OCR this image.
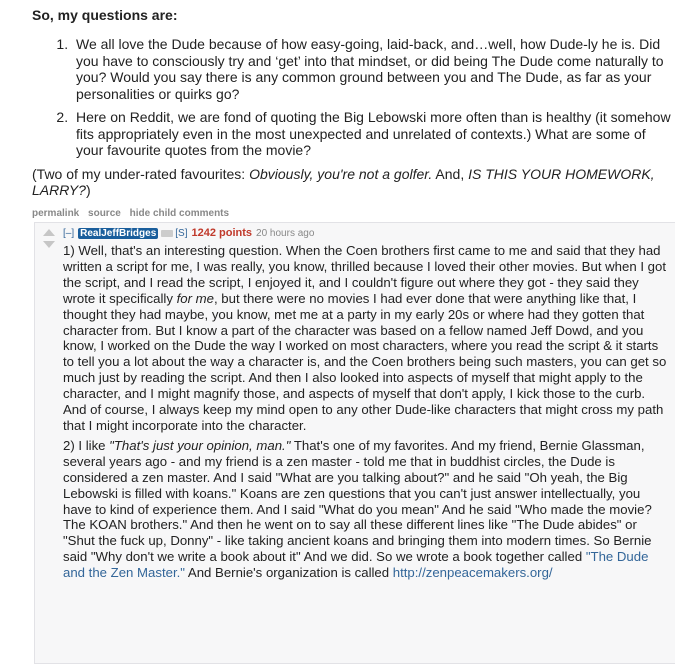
So, my questions are:
1. We all love the Dude because of how easy-going, laid-back, and…well, how Dude-ly he is. Did you have to consciously try and ‘get’ into that mindset, or did being The Dude come naturally to you? Would you say there is any common ground between you and The Dude, as far as your personalities or quirks go?
2. Here on Reddit, we are fond of quoting the Big Lebowski more often than is healthy (it somehow fits appropriately even in the most unexpected and unrelated of contexts.) What are some of your favourite quotes from the movie?
(Two of my under-rated favourites: Obviously, you're not a golfer. And, IS THIS YOUR HOMEWORK, LARRY?)
permalink source hide child comments
[–] RealJeffBridges [S] 1242 points 20 hours ago

1) Well, that's an interesting question. When the Coen brothers first came to me and said that they had written a script for me, I was really, you know, thrilled because I loved their other movies. But when I got the script, and I read the script, I enjoyed it, and I couldn't figure out where they got - they said they wrote it specifically for me, but there were no movies I had ever done that were anything like that, I thought they had maybe, you know, met me at a party in my early 20s or where had they gotten that character from. But I know a part of the character was based on a fellow named Jeff Dowd, and you know, I worked on the Dude the way I worked on most characters, where you read the script & it starts to tell you a lot about the way a character is, and the Coen brothers being such masters, you can get so much just by reading the script. And then I also looked into aspects of myself that might apply to the character, and I might magnify those, and aspects of myself that don't apply, I kick those to the curb. And of course, I always keep my mind open to any other Dude-like characters that might cross my path that I might incorporate into the character.

2) I like "That's just your opinion, man." That's one of my favorites. And my friend, Bernie Glassman, several years ago - and my friend is a zen master - told me that in buddhist circles, the Dude is considered a zen master. And I said "What are you talking about?" and he said "Oh yeah, the Big Lebowski is filled with koans." Koans are zen questions that you can't just answer intellectually, you have to kind of experience them. And I said "What do you mean" And he said "Who made the movie? The KOAN brothers." And then he went on to say all these different lines like "The Dude abides" or "Shut the fuck up, Donny" - like taking ancient koans and bringing them into modern times. So Bernie said "Why don't we write a book about it" And we did. So we wrote a book together called "The Dude and the Zen Master." And Bernie's organization is called http://zenpeacemakers.org/
